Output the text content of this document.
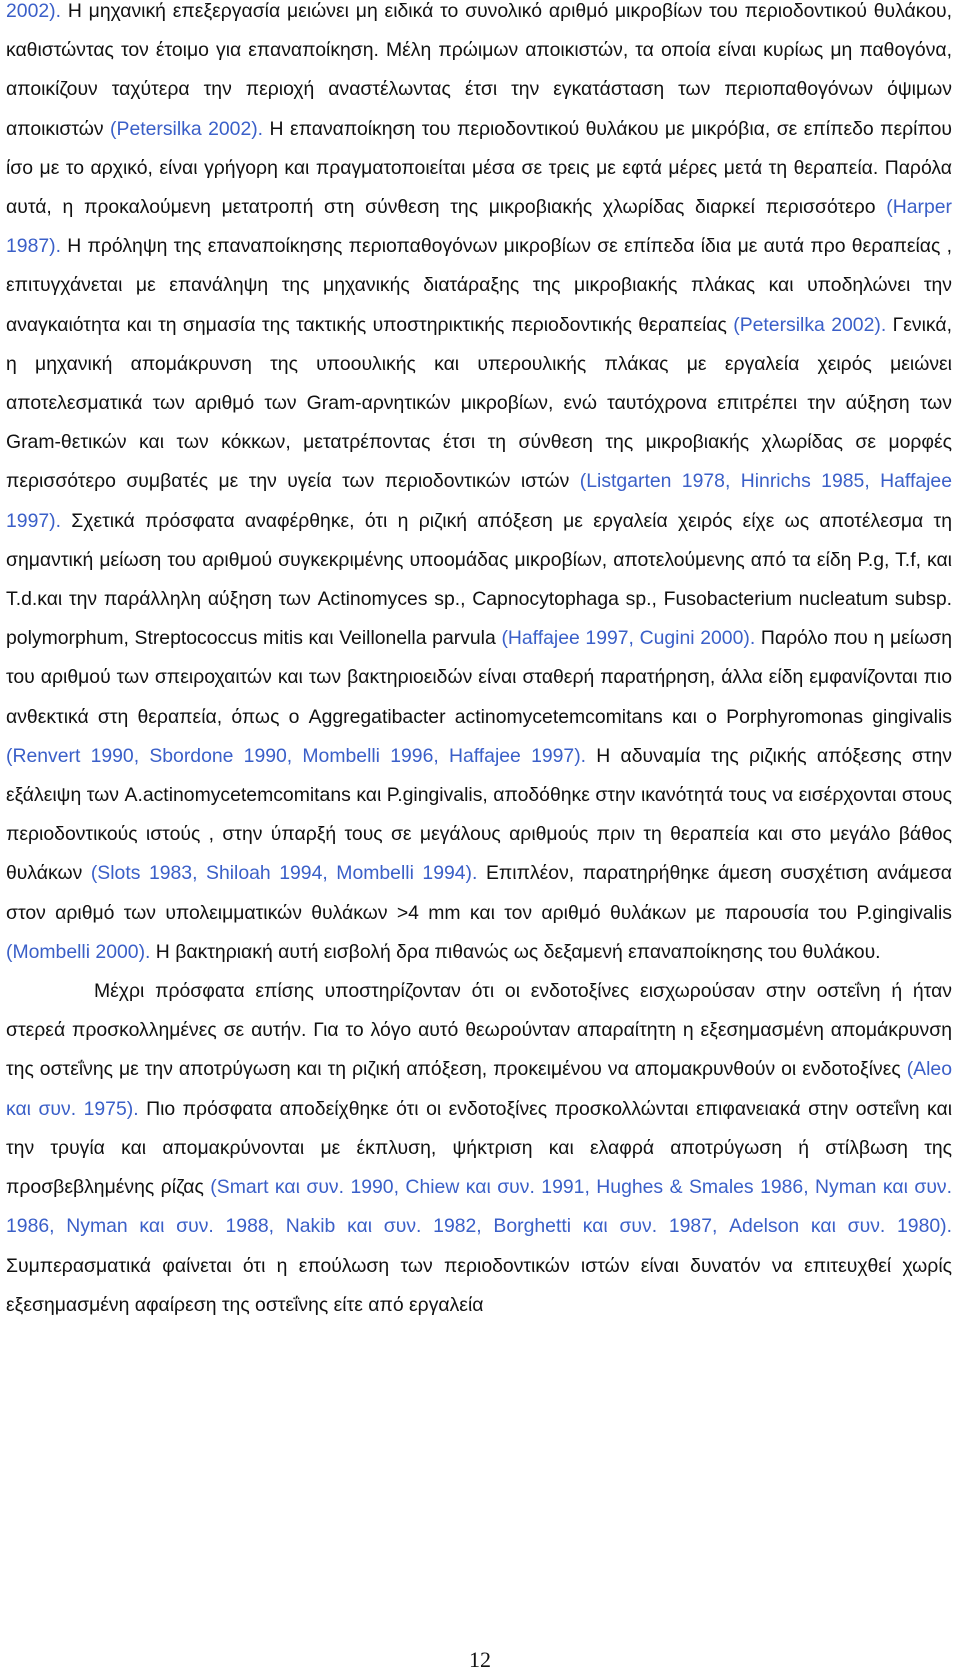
2002). Η μηχανική επεξεργασία μειώνει μη ειδικά το συνολικό αριθμό μικροβίων του περιοδοντικού θυλάκου, καθιστώντας τον έτοιμο για επαναποίκηση. Μέλη πρώιμων αποικιστών, τα οποία είναι κυρίως μη παθογόνα, αποικίζουν ταχύτερα την περιοχή αναστέλωντας έτσι την εγκατάσταση των περιοπαθογόνων όψιμων αποικιστών (Petersilka 2002). Η επαναποίκηση του περιοδοντικού θυλάκου με μικρόβια, σε επίπεδο περίπου ίσο με το αρχικό, είναι γρήγορη και πραγματοποιείται μέσα σε τρεις με εφτά μέρες μετά τη θεραπεία. Παρόλα αυτά, η προκαλούμενη μετατροπή στη σύνθεση της μικροβιακής χλωρίδας διαρκεί περισσότερο (Harper 1987). Η πρόληψη της επαναποίκησης περιοπαθογόνων μικροβίων σε επίπεδα ίδια με αυτά προ θεραπείας , επιτυγχάνεται με επανάληψη της μηχανικής διατάραξης της μικροβιακής πλάκας και υποδηλώνει την αναγκαιότητα και τη σημασία της τακτικής υποστηρικτικής περιοδοντικής θεραπείας (Petersilka 2002). Γενικά, η μηχανική απομάκρυνση της υποουλικής και υπερουλικής πλάκας με εργαλεία χειρός μειώνει αποτελεσματικά των αριθμό των Gram-αρνητικών μικροβίων, ενώ ταυτόχρονα επιτρέπει την αύξηση των Gram-θετικών και των κόκκων, μετατρέποντας έτσι τη σύνθεση της μικροβιακής χλωρίδας σε μορφές περισσότερο συμβατές με την υγεία των περιοδοντικών ιστών (Listgarten 1978, Hinrichs 1985, Haffajee 1997). Σχετικά πρόσφατα αναφέρθηκε, ότι η ριζική απόξεση με εργαλεία χειρός είχε ως αποτέλεσμα τη σημαντική μείωση του αριθμού συγκεκριμένης υποομάδας μικροβίων, αποτελούμενης από τα είδη P.g, T.f, και T.d.και την παράλληλη αύξηση των Actinomyces sp., Capnocytophaga sp., Fusobacterium nucleatum subsp. polymorphum, Streptococcus mitis και Veillonella parvula (Haffajee 1997, Cugini 2000). Παρόλο που η μείωση του αριθμού των σπειροχαιτών και των βακτηριοειδών είναι σταθερή παρατήρηση, άλλα είδη εμφανίζονται πιο ανθεκτικά στη θεραπεία, όπως ο Aggregatibacter actinomycetemcomitans και ο Porphyromonas gingivalis (Renvert 1990, Sbordone 1990, Mombelli 1996, Haffajee 1997). Η αδυναμία της ριζικής απόξεσης στην εξάλειψη των A.actinomycetemcomitans και P.gingivalis, αποδόθηκε στην ικανότητά τους να εισέρχονται στους περιοδοντικούς ιστούς , στην ύπαρξή τους σε μεγάλους αριθμούς πριν τη θεραπεία και στο μεγάλο βάθος θυλάκων (Slots 1983, Shiloah 1994, Mombelli 1994). Επιπλέον, παρατηρήθηκε άμεση συσχέτιση ανάμεσα στον αριθμό των υπολειμματικών θυλάκων >4 mm και τον αριθμό θυλάκων με παρουσία του P.gingivalis (Mombelli 2000). Η βακτηριακή αυτή εισβολή δρα πιθανώς ως δεξαμενή επαναποίκησης του θυλάκου.

Μέχρι πρόσφατα επίσης υποστηρίζονταν ότι οι ενδοτοξίνες εισχωρούσαν στην οστεΐνη ή ήταν στερεά προσκολλημένες σε αυτήν. Για το λόγο αυτό θεωρούνταν απαραίτητη η εξεσημασμένη απομάκρυνση της οστεΐνης με την αποτρύγωση και τη ριζική απόξεση, προκειμένου να απομακρυνθούν οι ενδοτοξίνες (Aleo και συν. 1975). Πιο πρόσφατα αποδείχθηκε ότι οι ενδοτοξίνες προσκολλώνται επιφανειακά στην οστεΐνη και την τρυγία και απομακρύνονται με έκπλυση, ψήκτριση και ελαφρά αποτρύγωση ή στίλβωση της προσβεβλημένης ρίζας (Smart και συν. 1990, Chiew και συν. 1991, Hughes & Smales 1986, Nyman και συν. 1986, Nyman και συν. 1988, Nakib και συν. 1982, Borghetti και συν. 1987, Adelson και συν. 1980). Συμπερασματικά φαίνεται ότι η επούλωση των περιοδοντικών ιστών είναι δυνατόν να επιτευχθεί χωρίς εξεσημασμένη αφαίρεση της οστεΐνης είτε από εργαλεία

12
